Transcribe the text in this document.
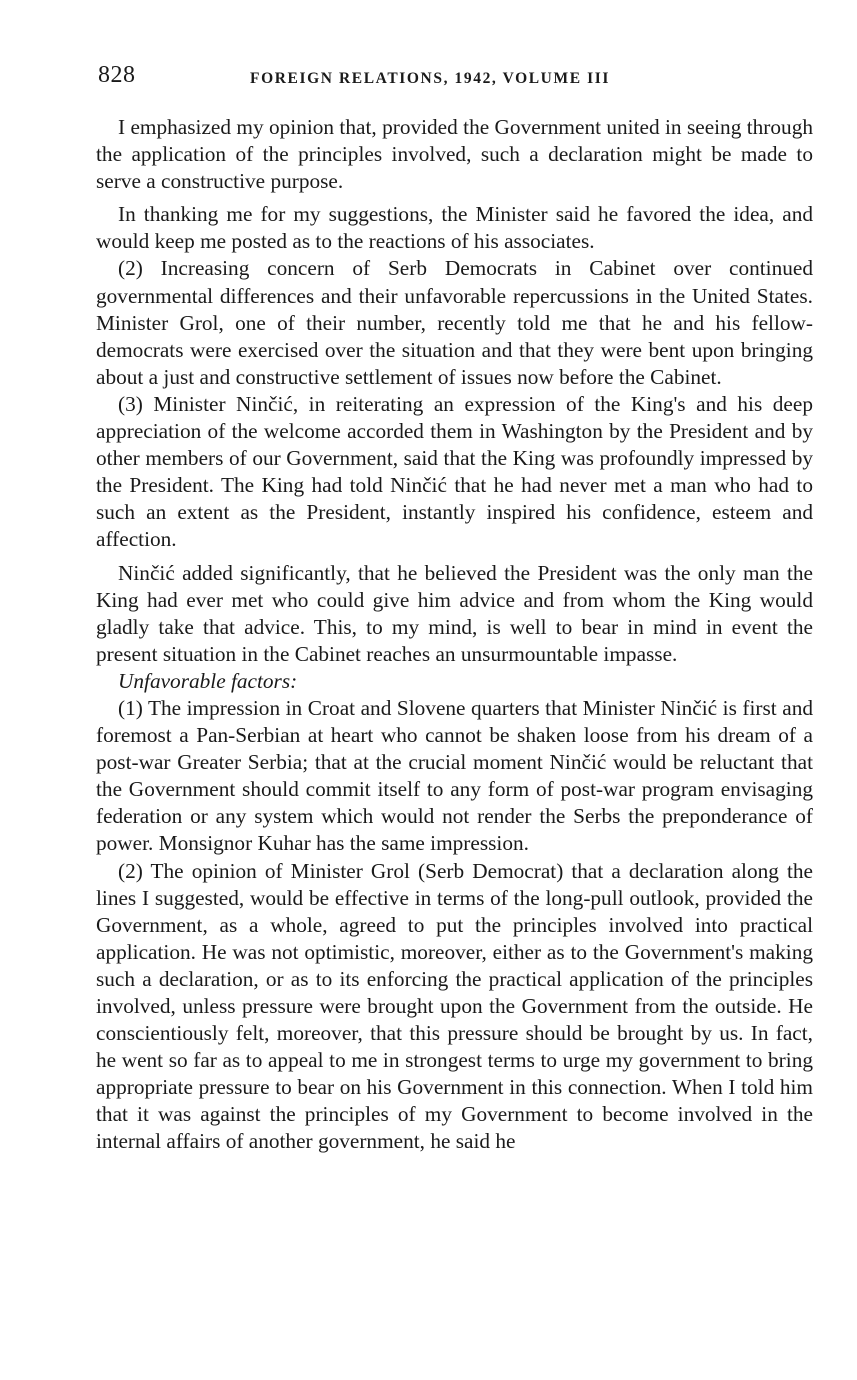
828	FOREIGN RELATIONS, 1942, VOLUME III

I emphasized my opinion that, provided the Government united in seeing through the application of the principles involved, such a declaration might be made to serve a constructive purpose.

In thanking me for my suggestions, the Minister said he favored the idea, and would keep me posted as to the reactions of his associates.

(2) Increasing concern of Serb Democrats in Cabinet over continued governmental differences and their unfavorable repercussions in the United States. Minister Grol, one of their number, recently told me that he and his fellow-democrats were exercised over the situation and that they were bent upon bringing about a just and constructive settlement of issues now before the Cabinet.

(3) Minister Ninčić, in reiterating an expression of the King's and his deep appreciation of the welcome accorded them in Washington by the President and by other members of our Government, said that the King was profoundly impressed by the President. The King had told Ninčić that he had never met a man who had to such an extent as the President, instantly inspired his confidence, esteem and affection.

Ninčić added significantly, that he believed the President was the only man the King had ever met who could give him advice and from whom the King would gladly take that advice. This, to my mind, is well to bear in mind in event the present situation in the Cabinet reaches an unsurmountable impasse.

Unfavorable factors:

(1) The impression in Croat and Slovene quarters that Minister Ninčić is first and foremost a Pan-Serbian at heart who cannot be shaken loose from his dream of a post-war Greater Serbia; that at the crucial moment Ninčić would be reluctant that the Government should commit itself to any form of post-war program envisaging federation or any system which would not render the Serbs the preponderance of power. Monsignor Kuhar has the same impression.

(2) The opinion of Minister Grol (Serb Democrat) that a declaration along the lines I suggested, would be effective in terms of the long-pull outlook, provided the Government, as a whole, agreed to put the principles involved into practical application. He was not optimistic, moreover, either as to the Government's making such a declaration, or as to its enforcing the practical application of the principles involved, unless pressure were brought upon the Government from the outside. He conscientiously felt, moreover, that this pressure should be brought by us. In fact, he went so far as to appeal to me in strongest terms to urge my government to bring appropriate pressure to bear on his Government in this connection. When I told him that it was against the principles of my Government to become involved in the internal affairs of another government, he said he
